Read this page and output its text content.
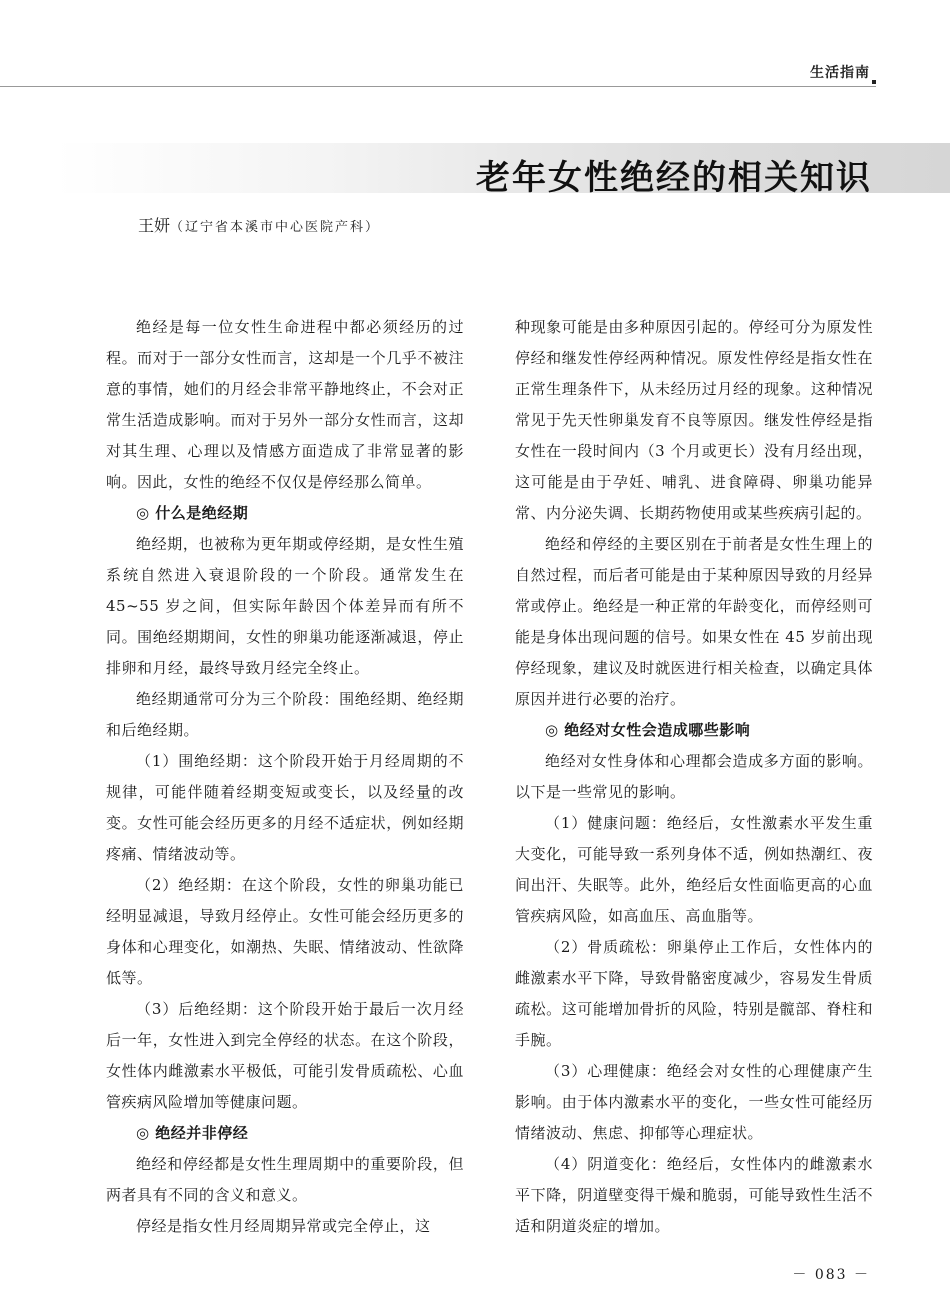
生活指南
老年女性绝经的相关知识
王妍（辽宁省本溪市中心医院产科）

绝经是每一位女性生命进程中都必须经历的过程。而对于一部分女性而言，这却是一个几乎不被注意的事情，她们的月经会非常平静地终止，不会对正常生活造成影响。而对于另外一部分女性而言，这却对其生理、心理以及情感方面造成了非常显著的影响。因此，女性的绝经不仅仅是停经那么简单。

◎ 什么是绝经期

绝经期，也被称为更年期或停经期，是女性生殖系统自然进入衰退阶段的一个阶段。通常发生在 45~55 岁之间，但实际年龄因个体差异而有所不同。围绝经期期间，女性的卵巢功能逐渐减退，停止排卵和月经，最终导致月经完全终止。

绝经期通常可分为三个阶段：围绝经期、绝经期和后绝经期。

（1）围绝经期：这个阶段开始于月经周期的不规律，可能伴随着经期变短或变长，以及经量的改变。女性可能会经历更多的月经不适症状，例如经期疼痛、情绪波动等。

（2）绝经期：在这个阶段，女性的卵巢功能已经明显减退，导致月经停止。女性可能会经历更多的身体和心理变化，如潮热、失眠、情绪波动、性欲降低等。

（3）后绝经期：这个阶段开始于最后一次月经后一年，女性进入到完全停经的状态。在这个阶段，女性体内雌激素水平极低，可能引发骨质疏松、心血管疾病风险增加等健康问题。

◎ 绝经并非停经

绝经和停经都是女性生理周期中的重要阶段，但两者具有不同的含义和意义。

停经是指女性月经周期异常或完全停止，这

种现象可能是由多种原因引起的。停经可分为原发性停经和继发性停经两种情况。原发性停经是指女性在正常生理条件下，从未经历过月经的现象。这种情况常见于先天性卵巢发育不良等原因。继发性停经是指女性在一段时间内（3 个月或更长）没有月经出现，这可能是由于孕妊、哺乳、进食障碍、卵巢功能异常、内分泌失调、长期药物使用或某些疾病引起的。

绝经和停经的主要区别在于前者是女性生理上的自然过程，而后者可能是由于某种原因导致的月经异常或停止。绝经是一种正常的年龄变化，而停经则可能是身体出现问题的信号。如果女性在 45 岁前出现停经现象，建议及时就医进行相关检查，以确定具体原因并进行必要的治疗。

◎ 绝经对女性会造成哪些影响

绝经对女性身体和心理都会造成多方面的影响。以下是一些常见的影响。

（1）健康问题：绝经后，女性激素水平发生重大变化，可能导致一系列身体不适，例如热潮红、夜间出汗、失眠等。此外，绝经后女性面临更高的心血管疾病风险，如高血压、高血脂等。

（2）骨质疏松：卵巢停止工作后，女性体内的雌激素水平下降，导致骨骼密度减少，容易发生骨质疏松。这可能增加骨折的风险，特别是髋部、脊柱和手腕。

（3）心理健康：绝经会对女性的心理健康产生影响。由于体内激素水平的变化，一些女性可能经历情绪波动、焦虑、抑郁等心理症状。

（4）阴道变化：绝经后，女性体内的雌激素水平下降，阴道壁变得干燥和脆弱，可能导致性生活不适和阴道炎症的增加。

－ 083 －
